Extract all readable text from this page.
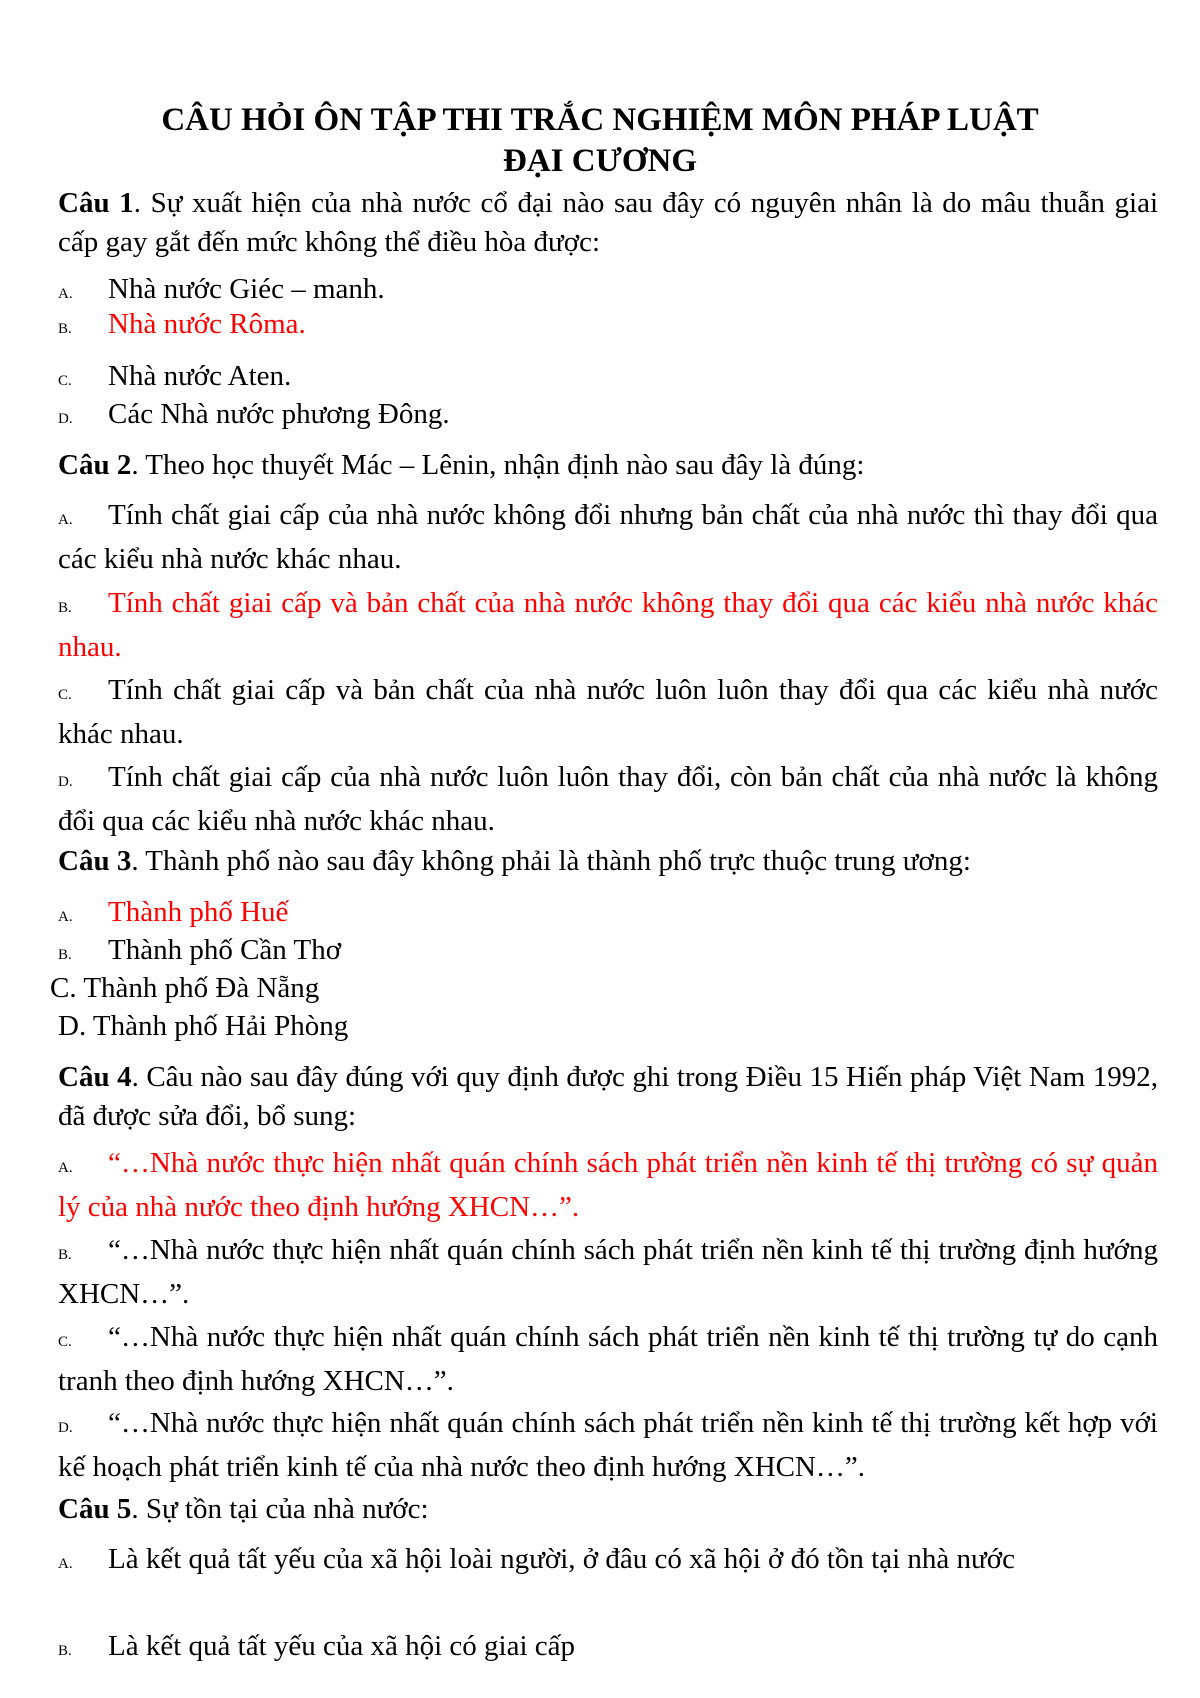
CÂU HỎI ÔN TẬP THI TRẮC NGHIỆM MÔN PHÁP LUẬT
ĐẠI CƯƠNG

Câu 1. Sự xuất hiện của nhà nước cổ đại nào sau đây có nguyên nhân là do mâu thuẫn giai cấp gay gắt đến mức không thể điều hòa được:

A. Nhà nước Giéc – manh.

B. Nhà nước Rôma.

C. Nhà nước Aten.

D. Các Nhà nước phương Đông.

Câu 2. Theo học thuyết Mác – Lênin, nhận định nào sau đây là đúng:

A. Tính chất giai cấp của nhà nước không đổi nhưng bản chất của nhà nước thì thay đổi qua các kiểu nhà nước khác nhau.

B. Tính chất giai cấp và bản chất của nhà nước không thay đổi qua các kiểu nhà nước khác nhau.

C. Tính chất giai cấp và bản chất của nhà nước luôn luôn thay đổi qua các kiểu nhà nước khác nhau.

D. Tính chất giai cấp của nhà nước luôn luôn thay đổi, còn bản chất của nhà nước là không đổi qua các kiểu nhà nước khác nhau.

Câu 3. Thành phố nào sau đây không phải là thành phố trực thuộc trung ương:

A. Thành phố Huế

B. Thành phố Cần Thơ

C. Thành phố Đà Nẵng

D. Thành phố Hải Phòng

Câu 4. Câu nào sau đây đúng với quy định được ghi trong Điều 15 Hiến pháp Việt Nam 1992, đã được sửa đổi, bổ sung:

A. “…Nhà nước thực hiện nhất quán chính sách phát triển nền kinh tế thị trường có sự quản lý của nhà nước theo định hướng XHCN…”.

B. “…Nhà nước thực hiện nhất quán chính sách phát triển nền kinh tế thị trường định hướng XHCN…”.

C. “…Nhà nước thực hiện nhất quán chính sách phát triển nền kinh tế thị trường tự do cạnh tranh theo định hướng XHCN…”.

D. “…Nhà nước thực hiện nhất quán chính sách phát triển nền kinh tế thị trường kết hợp với kế hoạch phát triển kinh tế của nhà nước theo định hướng XHCN…”.

Câu 5. Sự tồn tại của nhà nước:

A. Là kết quả tất yếu của xã hội loài người, ở đâu có xã hội ở đó tồn tại nhà nước

B. Là kết quả tất yếu của xã hội có giai cấp
